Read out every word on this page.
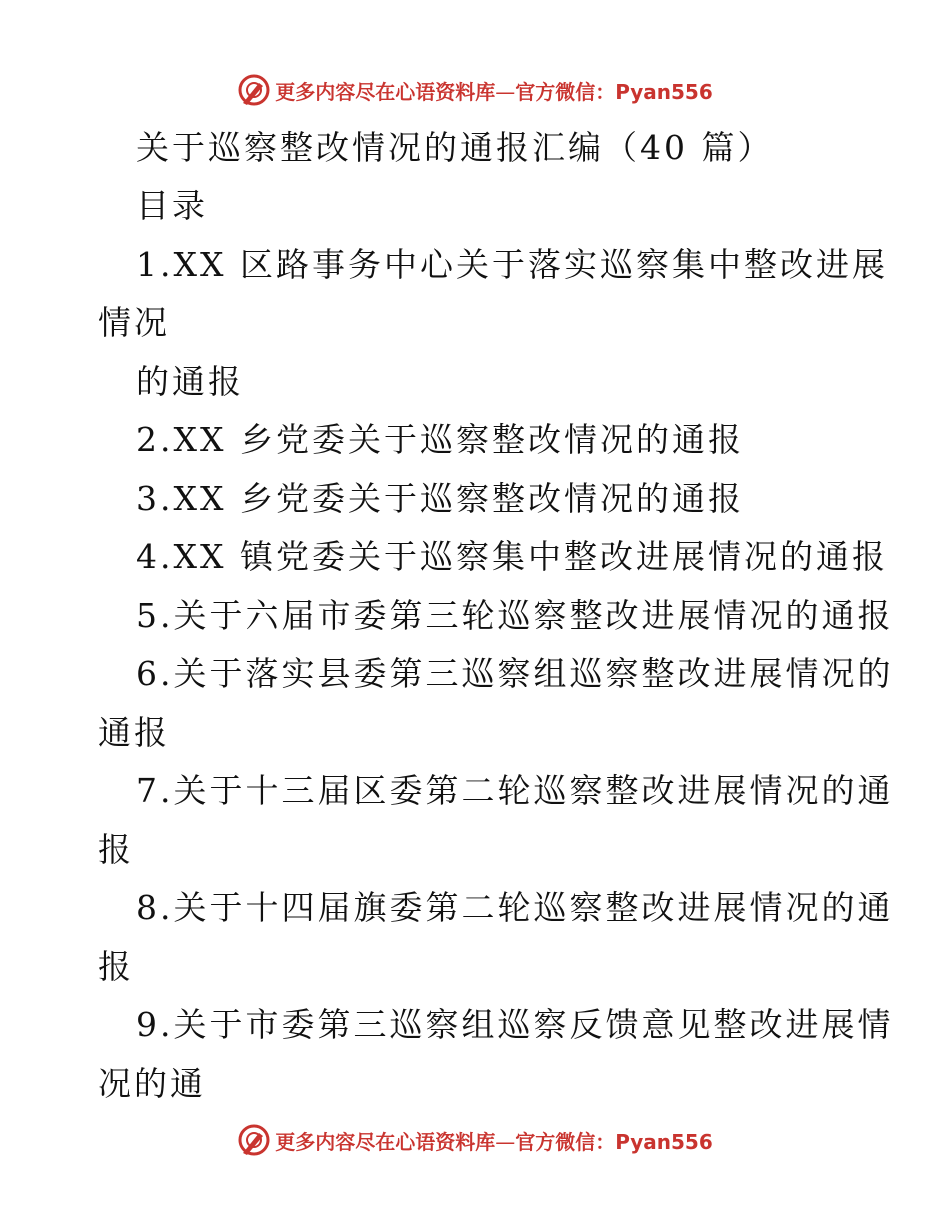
更多内容尽在心语资料库—官方微信：Pyan556
关于巡察整改情况的通报汇编（40 篇）
目录
1.XX 区路事务中心关于落实巡察集中整改进展
情况
的通报
2.XX 乡党委关于巡察整改情况的通报
3.XX 乡党委关于巡察整改情况的通报
4.XX 镇党委关于巡察集中整改进展情况的通报
5.关于六届市委第三轮巡察整改进展情况的通报
6.关于落实县委第三巡察组巡察整改进展情况的
通报
7.关于十三届区委第二轮巡察整改进展情况的通
报
8.关于十四届旗委第二轮巡察整改进展情况的通
报
9.关于市委第三巡察组巡察反馈意见整改进展情
况的通
更多内容尽在心语资料库—官方微信：Pyan556
